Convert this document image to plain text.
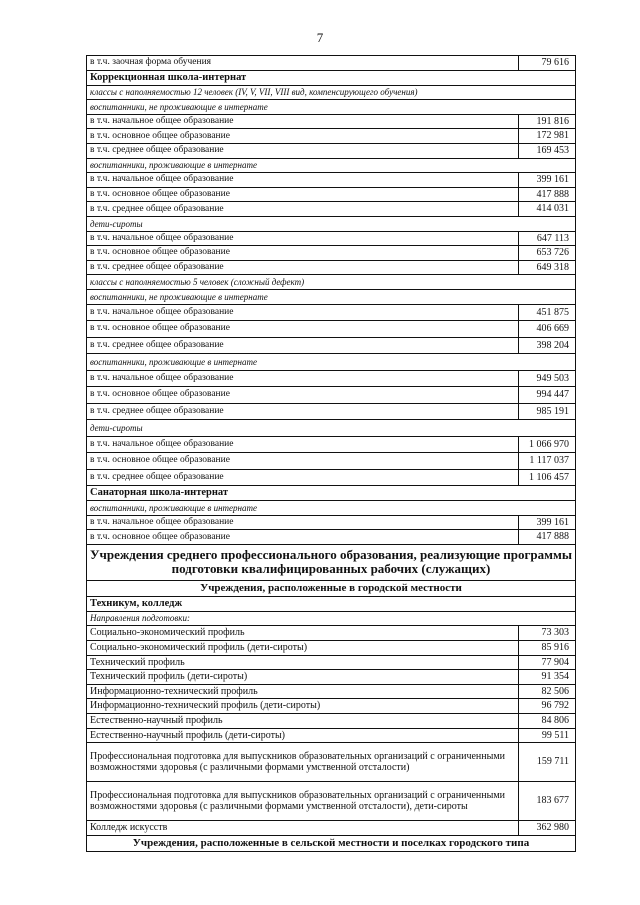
7
в т.ч. заочная форма обучения	79 616
Коррекционная школа-интернат	
классы с наполняемостью 12 человек (IV, V, VII, VIII вид, компенсирующего обучения)	
воспитанники, не проживающие в интернате	
в т.ч. начальное общее образование	191 816
в т.ч. основное общее образование	172 981
в т.ч. среднее общее образование	169 453
воспитанники, проживающие в интернате	
в т.ч. начальное общее образование	399 161
в т.ч. основное общее образование	417 888
в т.ч. среднее общее образование	414 031
дети-сироты	
в т.ч. начальное общее образование	647 113
в т.ч. основное общее образование	653 726
в т.ч. среднее общее образование	649 318
классы с наполняемостью 5 человек (сложный дефект)	
воспитанники, не проживающие в интернате	
в т.ч. начальное общее образование	451 875
в т.ч. основное общее образование	406 669
в т.ч. среднее общее образование	398 204
воспитанники, проживающие в интернате	
в т.ч. начальное общее образование	949 503
в т.ч. основное общее образование	994 447
в т.ч. среднее общее образование	985 191
дети-сироты	
в т.ч. начальное общее образование	1 066 970
в т.ч. основное общее образование	1 117 037
в т.ч. среднее общее образование	1 106 457
Санаторная школа-интернат	
воспитанники, проживающие в интернате	
в т.ч. начальное общее образование	399 161
в т.ч. основное общее образование	417 888
Учреждения среднего профессионального образования, реализующие программы подготовки квалифицированных рабочих (служащих)	
Учреждения, расположенные в городской местности	
Техникум, колледж	
Направления подготовки:	
Социально-экономический профиль	73 303
Социально-экономический профиль (дети-сироты)	85 916
Технический профиль	77 904
Технический профиль (дети-сироты)	91 354
Информационно-технический профиль	82 506
Информационно-технический профиль (дети-сироты)	96 792
Естественно-научный профиль	84 806
Естественно-научный профиль (дети-сироты)	99 511
Профессиональная подготовка для выпускников образовательных организаций с ограниченными возможностями здоровья (с различными формами умственной отсталости)	159 711
Профессиональная подготовка для выпускников образовательных организаций с ограниченными возможностями здоровья (с различными формами умственной отсталости), дети-сироты	183 677
Колледж искусств	362 980
Учреждения, расположенные в сельской местности и поселках городского типа	
